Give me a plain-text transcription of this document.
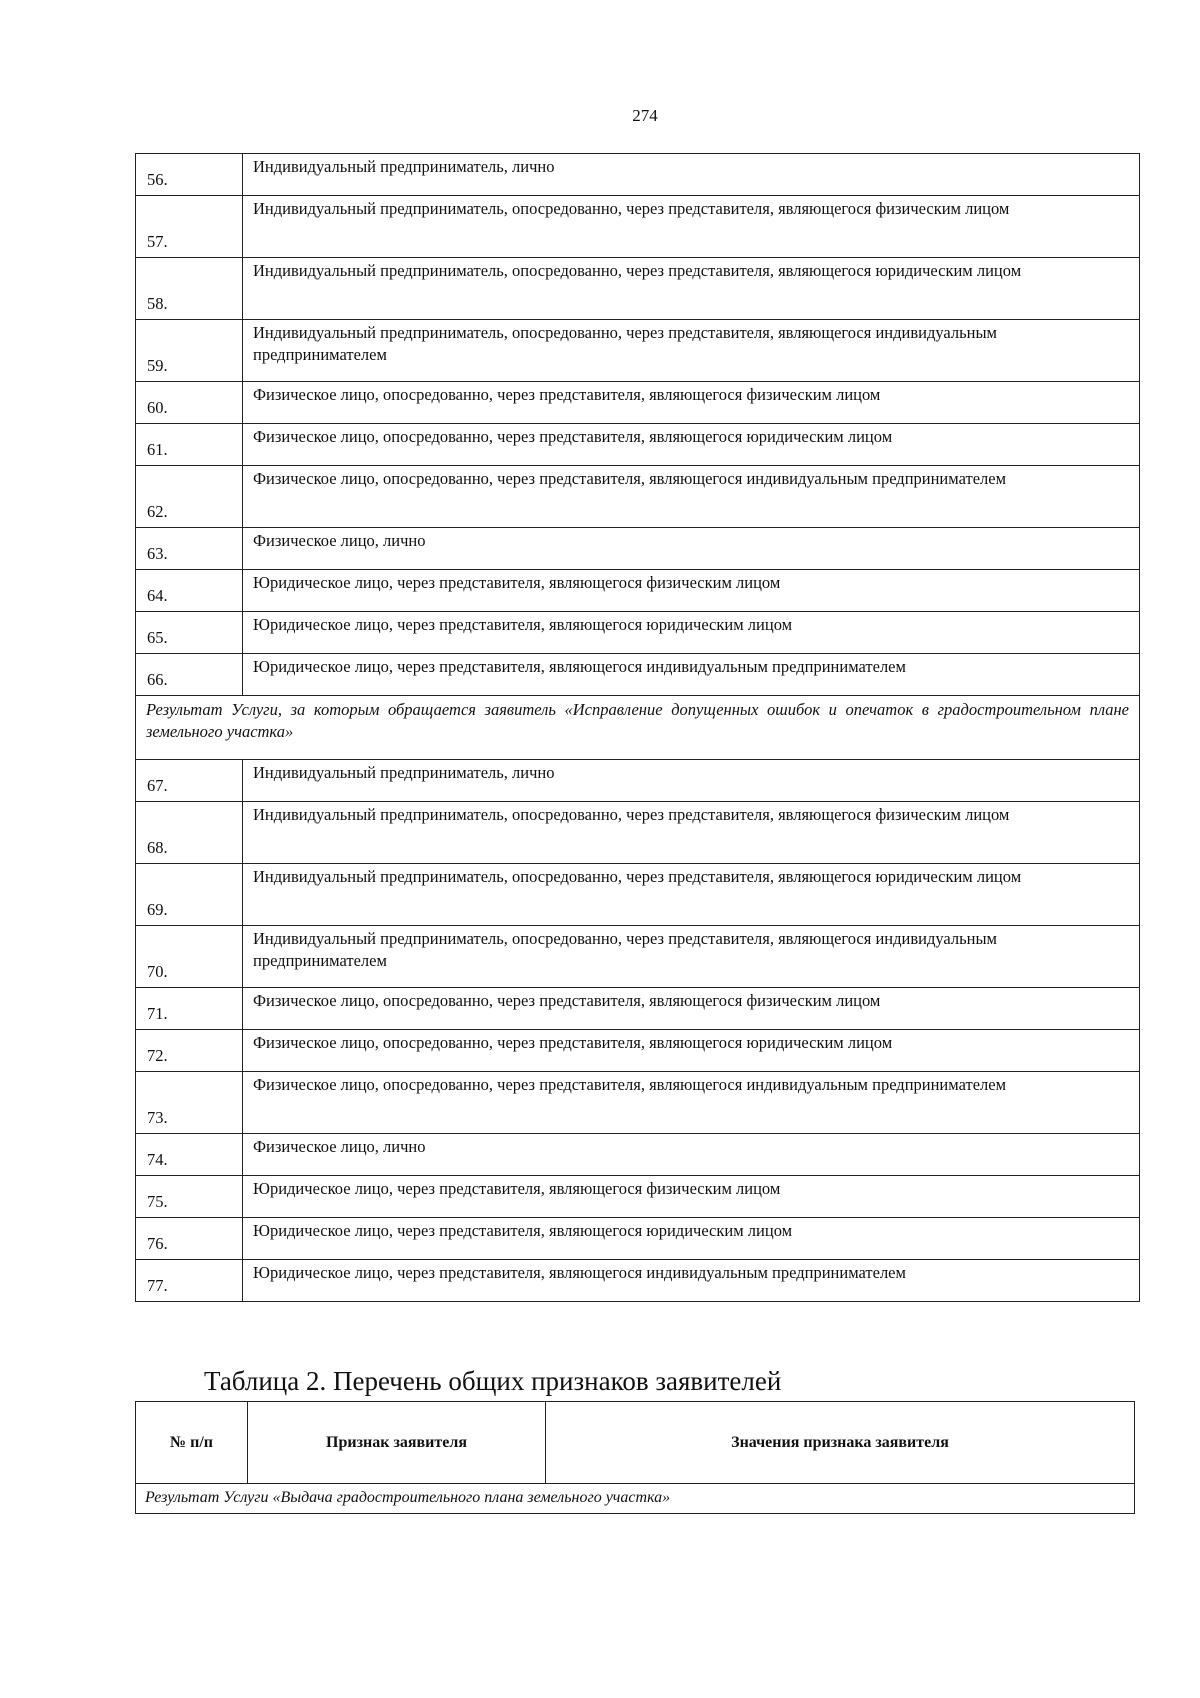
274
56.	Индивидуальный предприниматель, лично
57.	Индивидуальный предприниматель, опосредованно, через представителя, являющегося физическим лицом
58.	Индивидуальный предприниматель, опосредованно, через представителя, являющегося юридическим лицом
59.	Индивидуальный предприниматель, опосредованно, через представителя, являющегося индивидуальным предпринимателем
60.	Физическое лицо, опосредованно, через представителя, являющегося физическим лицом
61.	Физическое лицо, опосредованно, через представителя, являющегося юридическим лицом
62.	Физическое лицо, опосредованно, через представителя, являющегося индивидуальным предпринимателем
63.	Физическое лицо, лично
64.	Юридическое лицо, через представителя, являющегося физическим лицом
65.	Юридическое лицо, через представителя, являющегося юридическим лицом
66.	Юридическое лицо, через представителя, являющегося индивидуальным предпринимателем
Результат Услуги, за которым обращается заявитель «Исправление допущенных ошибок и опечаток в градостроительном плане земельного участка»	
67.	Индивидуальный предприниматель, лично
68.	Индивидуальный предприниматель, опосредованно, через представителя, являющегося физическим лицом
69.	Индивидуальный предприниматель, опосредованно, через представителя, являющегося юридическим лицом
70.	Индивидуальный предприниматель, опосредованно, через представителя, являющегося индивидуальным предпринимателем
71.	Физическое лицо, опосредованно, через представителя, являющегося физическим лицом
72.	Физическое лицо, опосредованно, через представителя, являющегося юридическим лицом
73.	Физическое лицо, опосредованно, через представителя, являющегося индивидуальным предпринимателем
74.	Физическое лицо, лично
75.	Юридическое лицо, через представителя, являющегося физическим лицом
76.	Юридическое лицо, через представителя, являющегося юридическим лицом
77.	Юридическое лицо, через представителя, являющегося индивидуальным предпринимателем
Таблица 2. Перечень общих признаков заявителей
№ п/п	Признак заявителя	Значения признака заявителя
Результат Услуги «Выдача градостроительного плана земельного участка»
